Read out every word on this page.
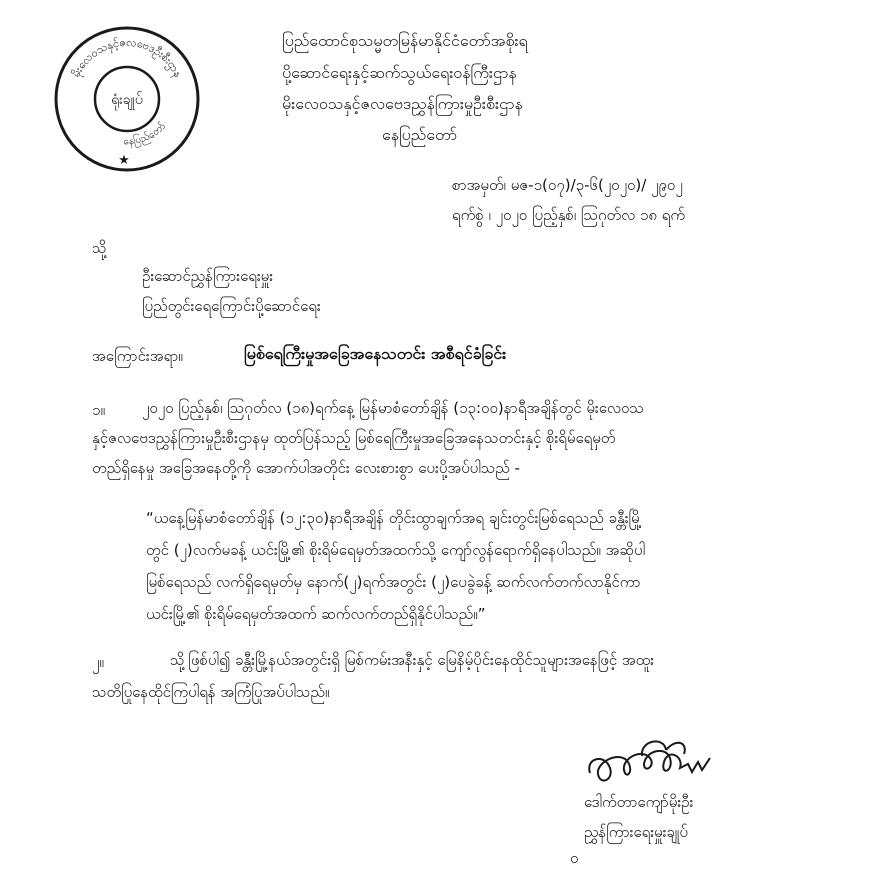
မိုးလေဝသနှင့်ဇလဗေဒဦးစီးဌာန
နေပြည်တော်
ရုံးချုပ်
★
ပြည်ထောင်စုသမ္မတမြန်မာနိုင်ငံတော်အစိုးရ
ပို့ဆောင်ရေးနှင့်ဆက်သွယ်ရေးဝန်ကြီးဌာန
မိုးလေဝသနှင့်ဇလဗေဒညွှန်ကြားမှုဦးစီးဌာန
နေပြည်တော်
စာအမှတ်၊ မဇ-၁(၀၇)/၃-၆(၂၀၂၀)/ ၂၉၀၂
ရက်စွဲ ၊ ၂၀၂၀ ပြည့်နှစ်၊ ဩဂုတ်လ ၁၈ ရက်
သို့
ဦးဆောင်ညွှန်ကြားရေးမှူး
ပြည်တွင်းရေကြောင်းပို့ဆောင်ရေး
အကြောင်းအရာ။	မြစ်ရေကြီးမှုအခြေအနေသတင်း အစီရင်ခံခြင်း
၁။ ၂၀၂၀ ပြည့်နှစ်၊ ဩဂုတ်လ (၁၈)ရက်နေ့ မြန်မာစံတော်ချိန် (၁၃:၀၀)နာရီအချိန်တွင် မိုးလေဝသ
နှင့်ဇလဗေဒညွှန်ကြားမှုဦးစီးဌာနမှ ထုတ်ပြန်သည့် မြစ်ရေကြီးမှုအခြေအနေသတင်းနှင့် စိုးရိမ်ရေမှတ်
တည်ရှိနေမှု အခြေအနေတို့ကို အောက်ပါအတိုင်း လေးစားစွာ ပေးပို့အပ်ပါသည် -
“ယနေ့မြန်မာစံတော်ချိန် (၁၂:၃၀)နာရီအချိန် တိုင်းထွာချက်အရ ချင်းတွင်းမြစ်ရေသည် ခန္တီးမြို့
တွင် (၂)လက်မခန့် ယင်းမြို့၏ စိုးရိမ်ရေမှတ်အထက်သို့ ကျော်လွန်ရောက်ရှိနေပါသည်။ အဆိုပါ
မြစ်ရေသည် လက်ရှိရေမှတ်မှ နောက်(၂)ရက်အတွင်း (၂)ပေခွဲခန့် ဆက်လက်တက်လာနိုင်ကာ
ယင်းမြို့၏ စိုးရိမ်ရေမှတ်အထက် ဆက်လက်တည်ရှိနိုင်ပါသည်။”
၂။	သို့ဖြစ်ပါ၍ ခန္တီးမြို့နယ်အတွင်းရှိ မြစ်ကမ်းအနီးနှင့် မြေနိမ့်ပိုင်းနေထိုင်သူများအနေဖြင့် အထူး
သတိပြုနေထိုင်ကြပါရန် အကြံပြုအပ်ပါသည်။
ဒေါက်တာကျော်မိုးဦး
ညွှန်ကြားရေးမှူးချုပ်
ဝ
